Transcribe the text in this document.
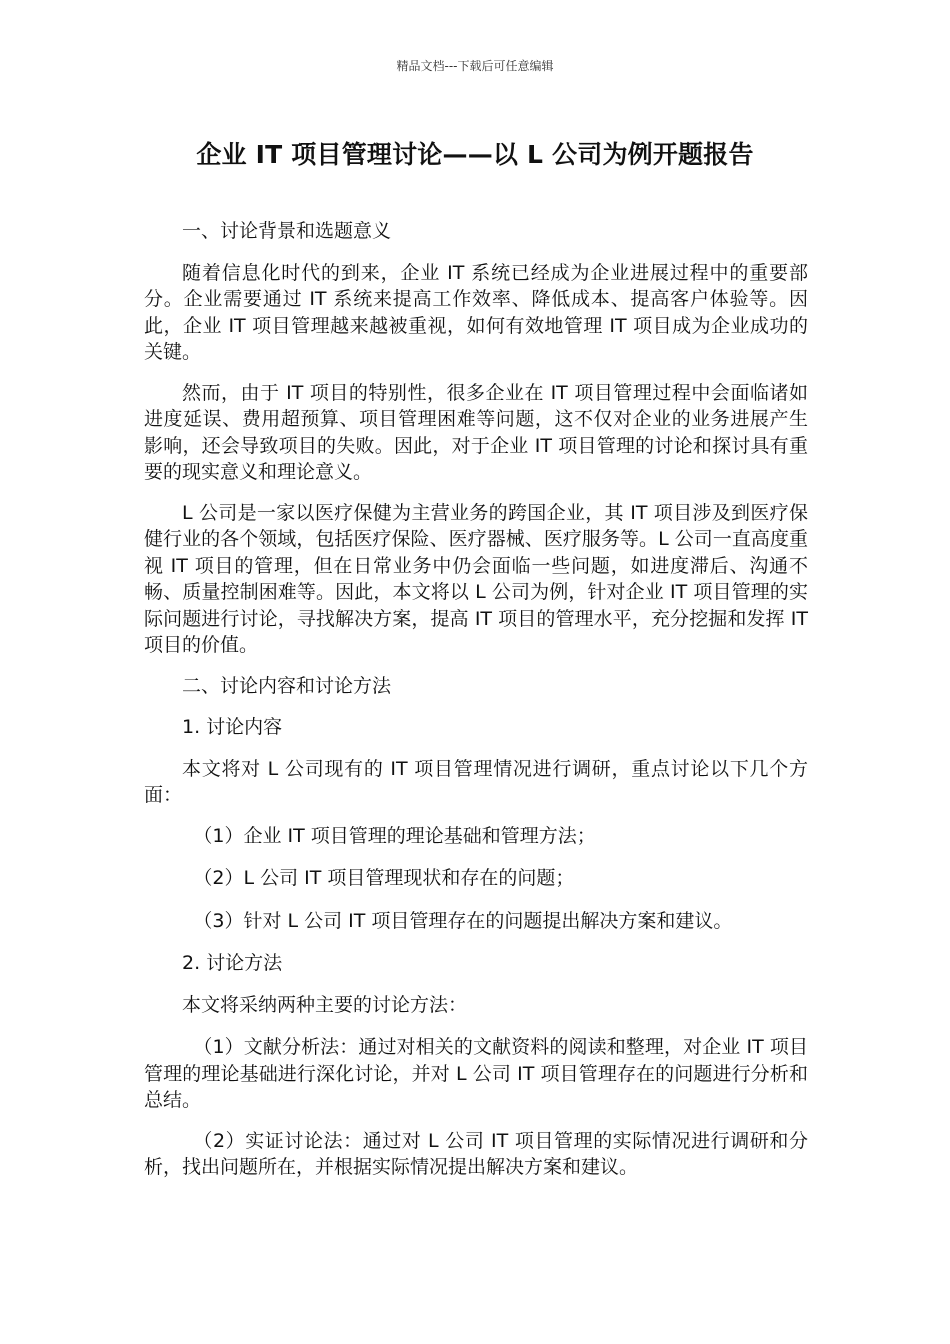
精品文档---下载后可任意编辑
企业 IT 项目管理讨论——以 L 公司为例开题报告

一、讨论背景和选题意义

随着信息化时代的到来，企业 IT 系统已经成为企业进展过程中的重要部分。企业需要通过 IT 系统来提高工作效率、降低成本、提高客户体验等。因此，企业 IT 项目管理越来越被重视，如何有效地管理 IT 项目成为企业成功的关键。

然而，由于 IT 项目的特别性，很多企业在 IT 项目管理过程中会面临诸如进度延误、费用超预算、项目管理困难等问题，这不仅对企业的业务进展产生影响，还会导致项目的失败。因此，对于企业 IT 项目管理的讨论和探讨具有重要的现实意义和理论意义。

L 公司是一家以医疗保健为主营业务的跨国企业，其 IT 项目涉及到医疗保健行业的各个领域，包括医疗保险、医疗器械、医疗服务等。L 公司一直高度重视 IT 项目的管理，但在日常业务中仍会面临一些问题，如进度滞后、沟通不畅、质量控制困难等。因此，本文将以 L 公司为例，针对企业 IT 项目管理的实际问题进行讨论，寻找解决方案，提高 IT 项目的管理水平，充分挖掘和发挥 IT 项目的价值。

二、讨论内容和讨论方法

1. 讨论内容

本文将对 L 公司现有的 IT 项目管理情况进行调研，重点讨论以下几个方面：

（1）企业 IT 项目管理的理论基础和管理方法；

（2）L 公司 IT 项目管理现状和存在的问题；

（3）针对 L 公司 IT 项目管理存在的问题提出解决方案和建议。

2. 讨论方法

本文将采纳两种主要的讨论方法：

（1）文献分析法：通过对相关的文献资料的阅读和整理，对企业 IT 项目管理的理论基础进行深化讨论，并对 L 公司 IT 项目管理存在的问题进行分析和总结。

（2）实证讨论法：通过对 L 公司 IT 项目管理的实际情况进行调研和分析，找出问题所在，并根据实际情况提出解决方案和建议。
